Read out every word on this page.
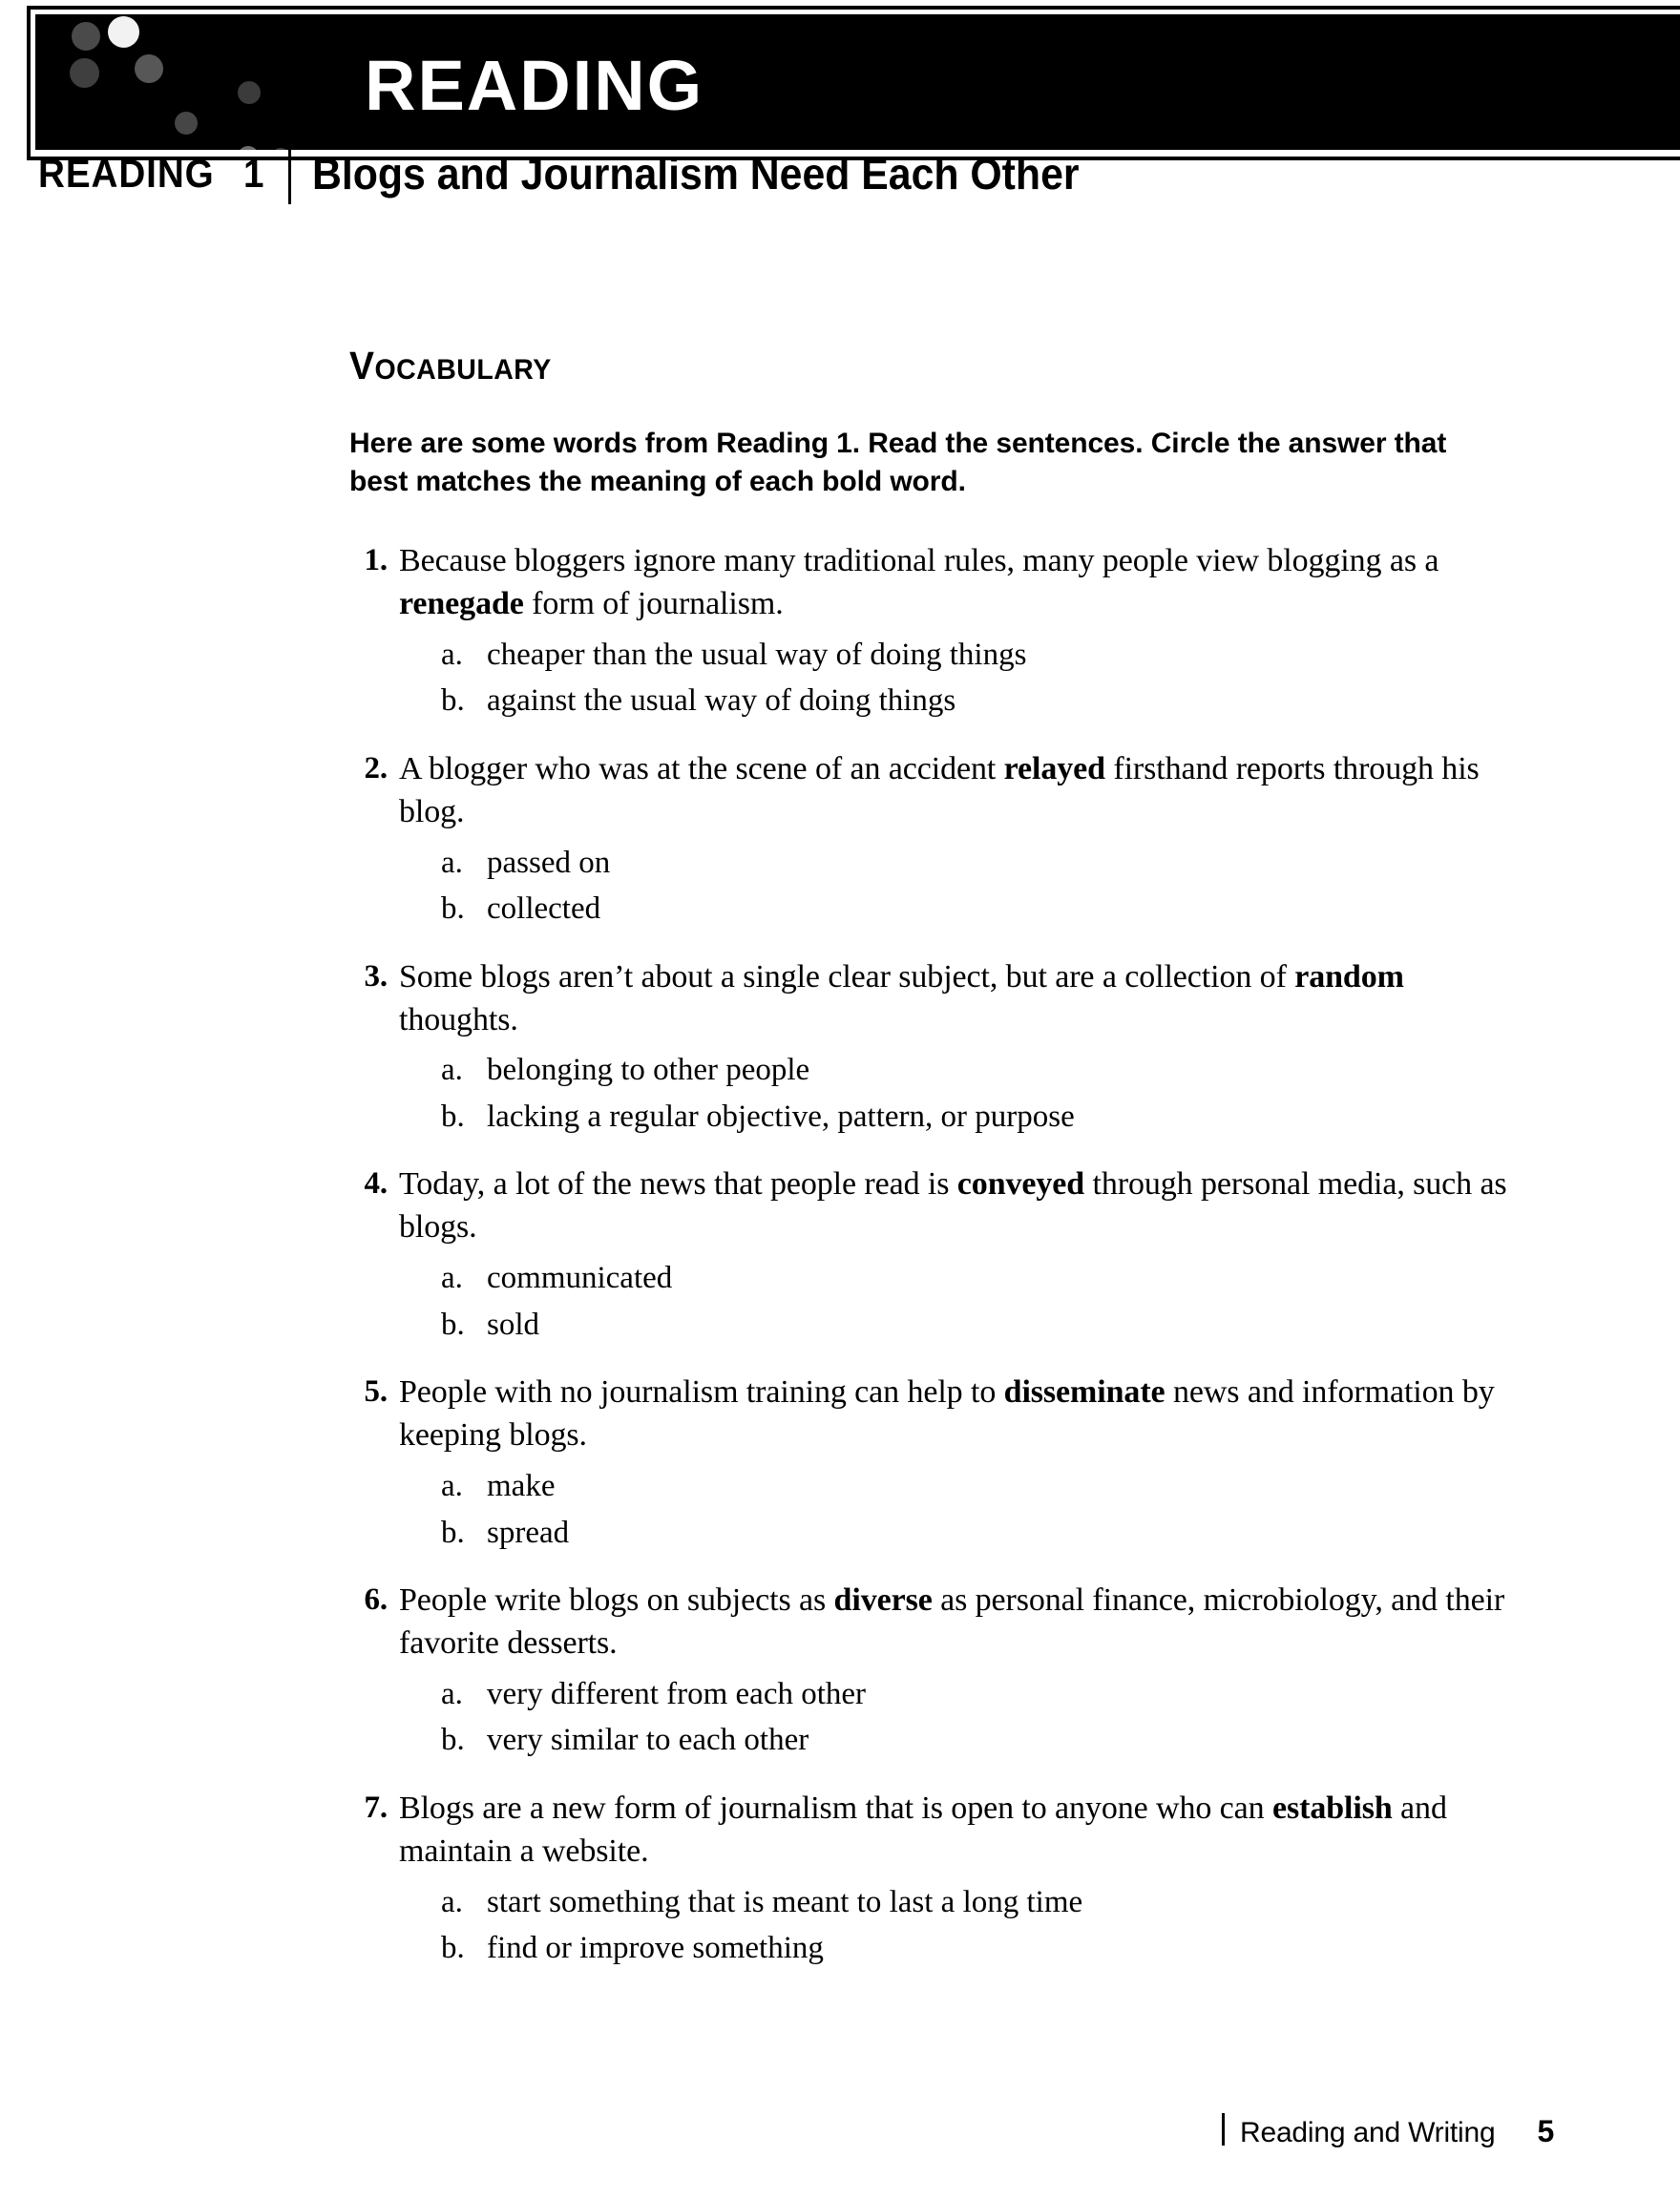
READING
READING 1 Blogs and Journalism Need Each Other
VOCABULARY
Here are some words from Reading 1. Read the sentences. Circle the answer that best matches the meaning of each bold word.
1. Because bloggers ignore many traditional rules, many people view blogging as a renegade form of journalism.
a. cheaper than the usual way of doing things
b. against the usual way of doing things
2. A blogger who was at the scene of an accident relayed firsthand reports through his blog.
a. passed on
b. collected
3. Some blogs aren’t about a single clear subject, but are a collection of random thoughts.
a. belonging to other people
b. lacking a regular objective, pattern, or purpose
4. Today, a lot of the news that people read is conveyed through personal media, such as blogs.
a. communicated
b. sold
5. People with no journalism training can help to disseminate news and information by keeping blogs.
a. make
b. spread
6. People write blogs on subjects as diverse as personal finance, microbiology, and their favorite desserts.
a. very different from each other
b. very similar to each other
7. Blogs are a new form of journalism that is open to anyone who can establish and maintain a website.
a. start something that is meant to last a long time
b. find or improve something
Reading and Writing 5
